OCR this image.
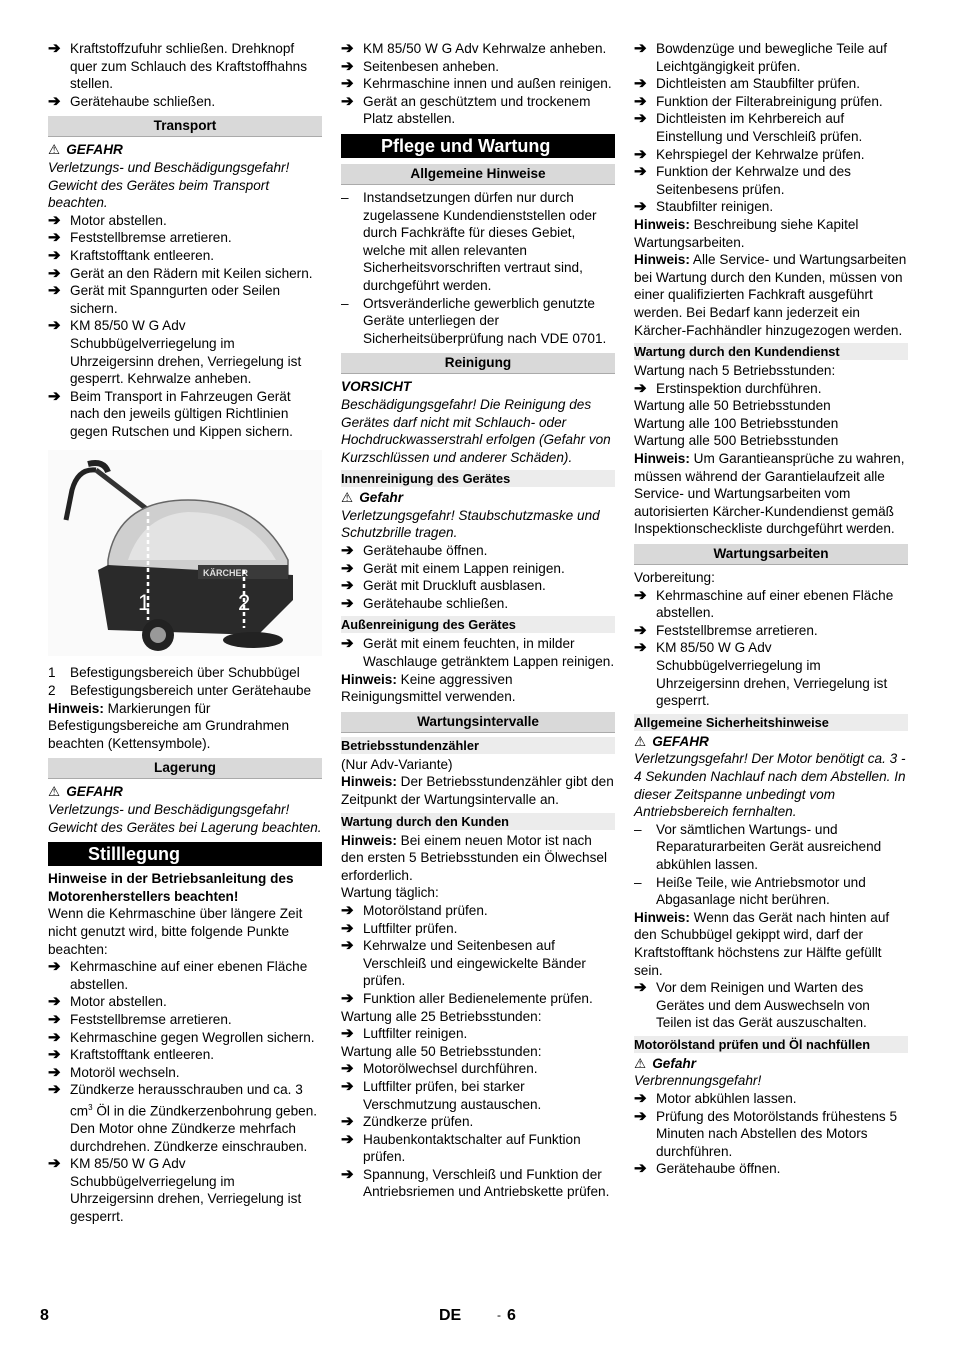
➔ Kraftstoffzufuhr schließen. Drehknopf quer zum Schlauch des Kraftstoffhahns stellen.
➔ Gerätehaube schließen.
Transport

⚠ GEFAHR

Verletzungs- und Beschädigungsgefahr! Gewicht des Gerätes beim Transport beachten.

➔ Motor abstellen.
➔ Feststellbremse arretieren.
➔ Kraftstofftank entleeren.
➔ Gerät an den Rädern mit Keilen sichern.
➔ Gerät mit Spanngurten oder Seilen sichern.
➔ KM 85/50 W G Adv Schubbügelverriegelung im Uhrzeigersinn drehen, Verriegelung ist gesperrt. Kehrwalze anheben.
➔ Beim Transport in Fahrzeugen Gerät nach den jeweils gültigen Richtlinien gegen Rutschen und Kippen sichern.
KÄRCHER
1	2
1	Befestigungsbereich über Schubbügel
2	Befestigungsbereich unter Gerätehaube

Hinweis: Markierungen für Befestigungsbereiche am Grundrahmen beachten (Kettensymbole).

Lagerung

⚠ GEFAHR

Verletzungs- und Beschädigungsgefahr! Gewicht des Gerätes bei Lagerung beachten.

Stilllegung

Hinweise in der Betriebsanleitung des Motorenherstellers beachten!

Wenn die Kehrmaschine über längere Zeit nicht genutzt wird, bitte folgende Punkte beachten:

➔ Kehrmaschine auf einer ebenen Fläche abstellen.
➔ Motor abstellen.
➔ Feststellbremse arretieren.
➔ Kehrmaschine gegen Wegrollen sichern.
➔ Kraftstofftank entleeren.
➔ Motoröl wechseln.
➔ Zündkerze herausschrauben und ca. 3 $cm^3$ Öl in die Zündkerzenbohrung geben. Den Motor ohne Zündkerze mehrfach durchdrehen. Zündkerze einschrauben.
➔ KM 85/50 W G Adv Schubbügelverriegelung im Uhrzeigersinn drehen, Verriegelung ist gesperrt.
➔ KM 85/50 W G Adv Kehrwalze anheben.
➔ Seitenbesen anheben.
➔ Kehrmaschine innen und außen reinigen.
➔ Gerät an geschütztem und trockenem Platz abstellen.
Pflege und Wartung
Allgemeine Hinweise
–	Instandsetzungen dürfen nur durch zugelassene Kundendienststellen oder durch Fachkräfte für dieses Gebiet, welche mit allen relevanten Sicherheitsvorschriften vertraut sind, durchgeführt werden.
–	Ortsveränderliche gewerblich genutzte Geräte unterliegen der Sicherheitsüberprüfung nach VDE 0701.
Reinigung

VORSICHT

Beschädigungsgefahr! Die Reinigung des Gerätes darf nicht mit Schlauch- oder Hochdruckwasserstrahl erfolgen (Gefahr von Kurzschlüssen und anderer Schäden).

Innenreinigung des Gerätes

⚠ Gefahr

Verletzungsgefahr! Staubschutzmaske und Schutzbrille tragen.

➔ Gerätehaube öffnen.
➔ Gerät mit einem Lappen reinigen.
➔ Gerät mit Druckluft ausblasen.
➔ Gerätehaube schließen.
Außenreinigung des Gerätes
➔ Gerät mit einem feuchten, in milder Waschlauge getränktem Lappen reinigen.

Hinweis: Keine aggressiven Reinigungsmittel verwenden.

Wartungsintervalle
Betriebsstundenzähler

(Nur Adv-Variante)

Hinweis: Der Betriebsstundenzähler gibt den Zeitpunkt der Wartungsintervalle an.

Wartung durch den Kunden

Hinweis: Bei einem neuen Motor ist nach den ersten 5 Betriebsstunden ein Ölwechsel erforderlich.

Wartung täglich:

➔ Motorölstand prüfen.
➔ Luftfilter prüfen.
➔ Kehrwalze und Seitenbesen auf Verschleiß und eingewickelte Bänder prüfen.
➔ Funktion aller Bedienelemente prüfen.

Wartung alle 25 Betriebsstunden:

➔ Luftfilter reinigen.

Wartung alle 50 Betriebsstunden:

➔ Motorölwechsel durchführen.
➔ Luftfilter prüfen, bei starker Verschmutzung austauschen.
➔ Zündkerze prüfen.
➔ Haubenkontaktschalter auf Funktion prüfen.
➔ Spannung, Verschleiß und Funktion der Antriebsriemen und Antriebskette prüfen.
➔ Bowdenzüge und bewegliche Teile auf Leichtgängigkeit prüfen.
➔ Dichtleisten am Staubfilter prüfen.
➔ Funktion der Filterabreinigung prüfen.
➔ Dichtleisten im Kehrbereich auf Einstellung und Verschleiß prüfen.
➔ Kehrspiegel der Kehrwalze prüfen.
➔ Funktion der Kehrwalze und des Seitenbesens prüfen.
➔ Staubfilter reinigen.

Hinweis: Beschreibung siehe Kapitel Wartungsarbeiten.

Hinweis: Alle Service- und Wartungsarbeiten bei Wartung durch den Kunden, müssen von einer qualifizierten Fachkraft ausgeführt werden. Bei Bedarf kann jederzeit ein Kärcher-Fachhändler hinzugezogen werden.

Wartung durch den Kundendienst

Wartung nach 5 Betriebsstunden:

➔ Erstinspektion durchführen.

Wartung alle 50 Betriebsstunden

Wartung alle 100 Betriebsstunden

Wartung alle 500 Betriebsstunden

Hinweis: Um Garantieansprüche zu wahren, müssen während der Garantielaufzeit alle Service- und Wartungsarbeiten vom autorisierten Kärcher-Kundendienst gemäß Inspektionscheckliste durchgeführt werden.

Wartungsarbeiten

Vorbereitung:

➔ Kehrmaschine auf einer ebenen Fläche abstellen.
➔ Feststellbremse arretieren.
➔ KM 85/50 W G Adv Schubbügelverriegelung im Uhrzeigersinn drehen, Verriegelung ist gesperrt.
Allgemeine Sicherheitshinweise

⚠ GEFAHR

Verletzungsgefahr! Der Motor benötigt ca. 3 - 4 Sekunden Nachlauf nach dem Abstellen. In dieser Zeitspanne unbedingt vom Antriebsbereich fernhalten.

–	Vor sämtlichen Wartungs- und Reparaturarbeiten Gerät ausreichend abkühlen lassen.
–	Heiße Teile, wie Antriebsmotor und Abgasanlage nicht berühren.

Hinweis: Wenn das Gerät nach hinten auf den Schubbügel gekippt wird, darf der Kraftstofftank höchstens zur Hälfte gefüllt sein.

➔ Vor dem Reinigen und Warten des Gerätes und dem Auswechseln von Teilen ist das Gerät auszuschalten.
Motorölstand prüfen und Öl nachfüllen

⚠ Gefahr

Verbrennungsgefahr!

➔ Motor abkühlen lassen.
➔ Prüfung des Motorölstands frühestens 5 Minuten nach Abstellen des Motors durchführen.
➔ Gerätehaube öffnen.
8	DE	- 6
